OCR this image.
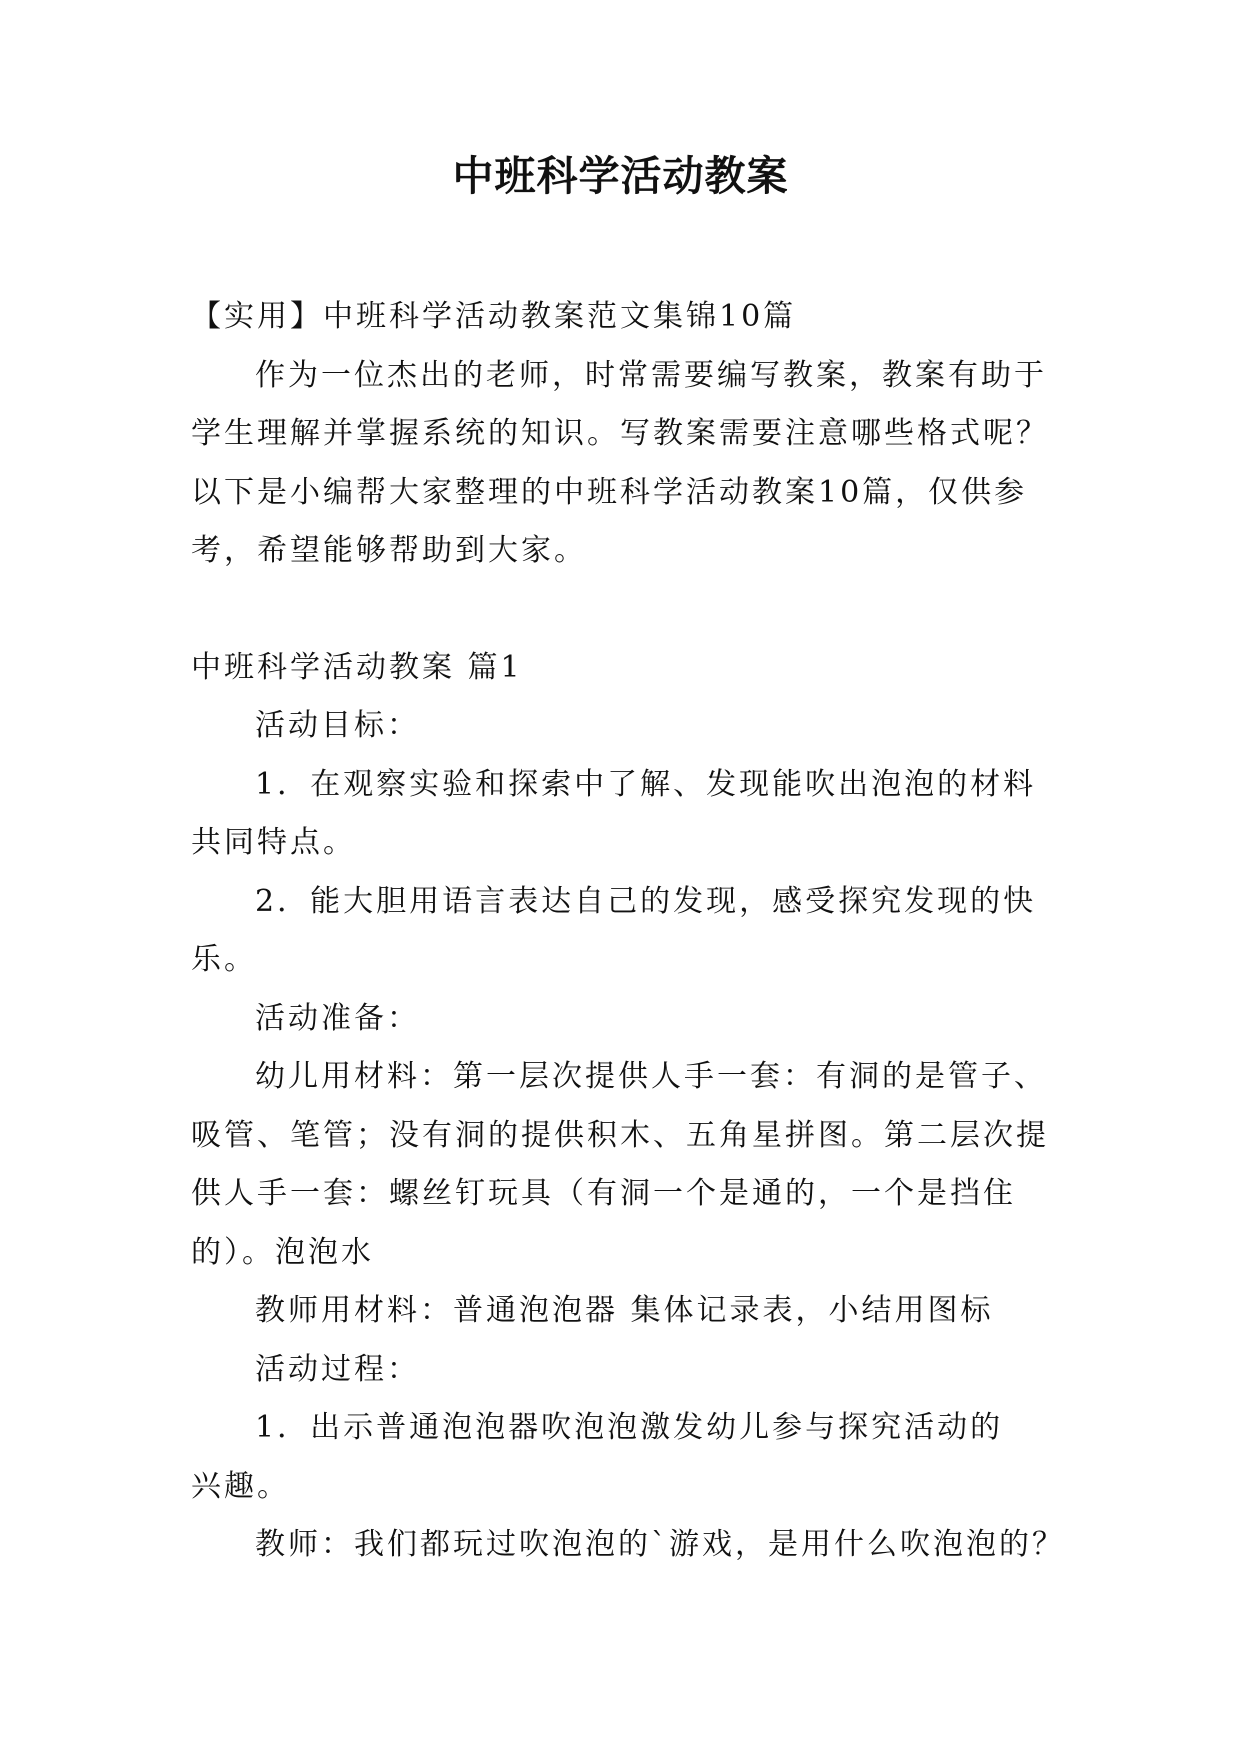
中班科学活动教案

【实用】中班科学活动教案范文集锦10篇

作为一位杰出的老师，时常需要编写教案，教案有助于

学生理解并掌握系统的知识。写教案需要注意哪些格式呢？
以下是小编帮大家整理的中班科学活动教案10篇，仅供参
考，希望能够帮助到大家。

中班科学活动教案 篇1

活动目标：

1．在观察实验和探索中了解、发现能吹出泡泡的材料

共同特点。

2．能大胆用语言表达自己的发现，感受探究发现的快

乐。

活动准备：

幼儿用材料：第一层次提供人手一套：有洞的是管子、

吸管、笔管；没有洞的提供积木、五角星拼图。第二层次提
供人手一套：螺丝钉玩具（有洞一个是通的，一个是挡住
的）。泡泡水

教师用材料：普通泡泡器 集体记录表，小结用图标

活动过程：

1．出示普通泡泡器吹泡泡激发幼儿参与探究活动的

兴趣。

教师：我们都玩过吹泡泡的`游戏，是用什么吹泡泡的？
